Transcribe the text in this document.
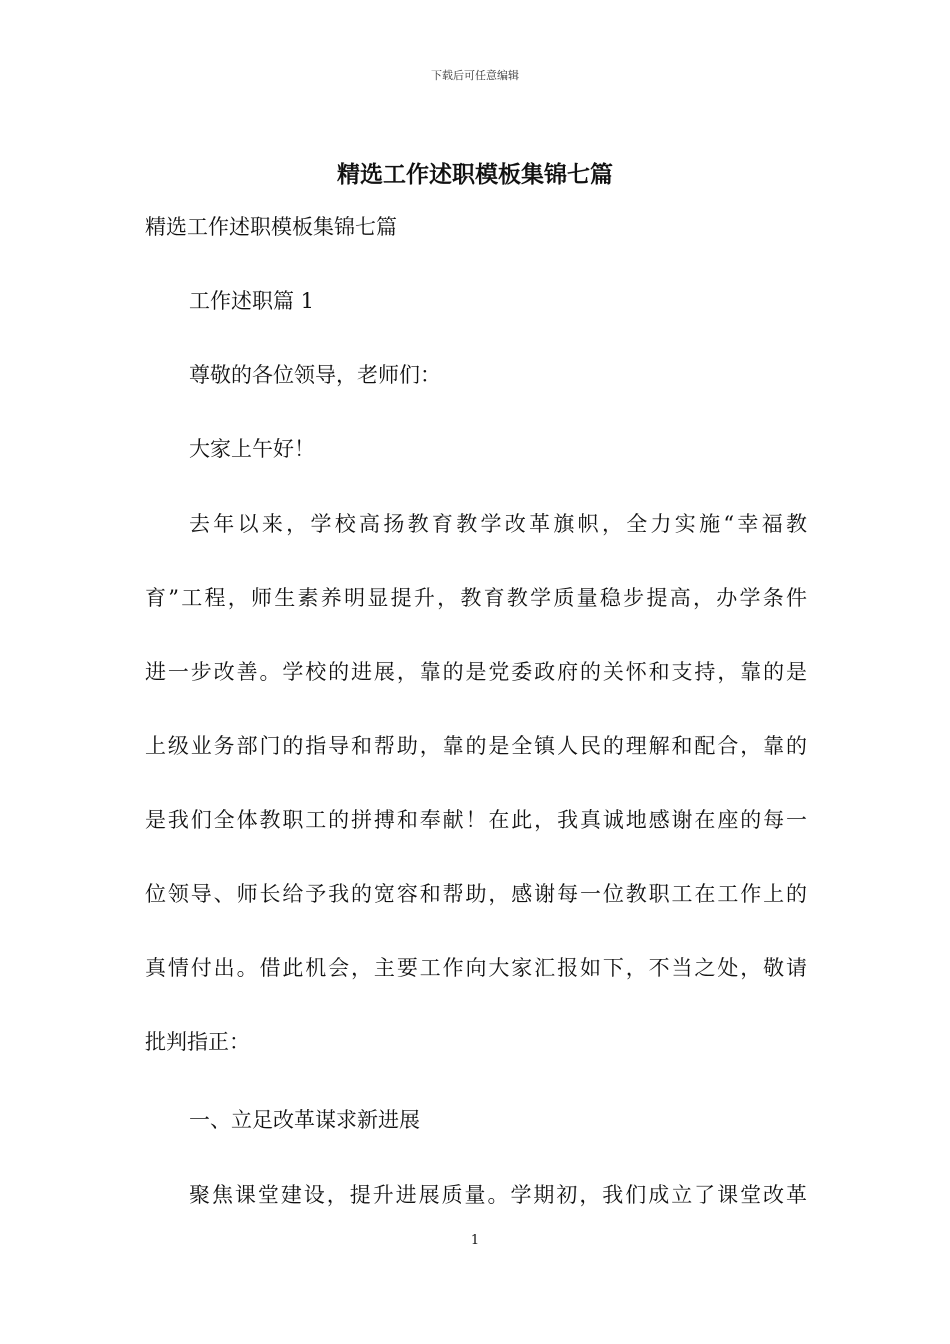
下载后可任意编辑
精选工作述职模板集锦七篇

精选工作述职模板集锦七篇

工作述职篇 1

尊敬的各位领导，老师们：

大家上午好！

去年以来，学校高扬教育教学改革旗帜，全力实施“幸福教
育”工程，师生素养明显提升，教育教学质量稳步提高，办学条件
进一步改善。学校的进展，靠的是党委政府的关怀和支持，靠的是
上级业务部门的指导和帮助，靠的是全镇人民的理解和配合，靠的
是我们全体教职工的拼搏和奉献！在此，我真诚地感谢在座的每一
位领导、师长给予我的宽容和帮助，感谢每一位教职工在工作上的
真情付出。借此机会，主要工作向大家汇报如下，不当之处，敬请
批判指正：

一、立足改革谋求新进展

聚焦课堂建设，提升进展质量。学期初，我们成立了课堂改革
1
